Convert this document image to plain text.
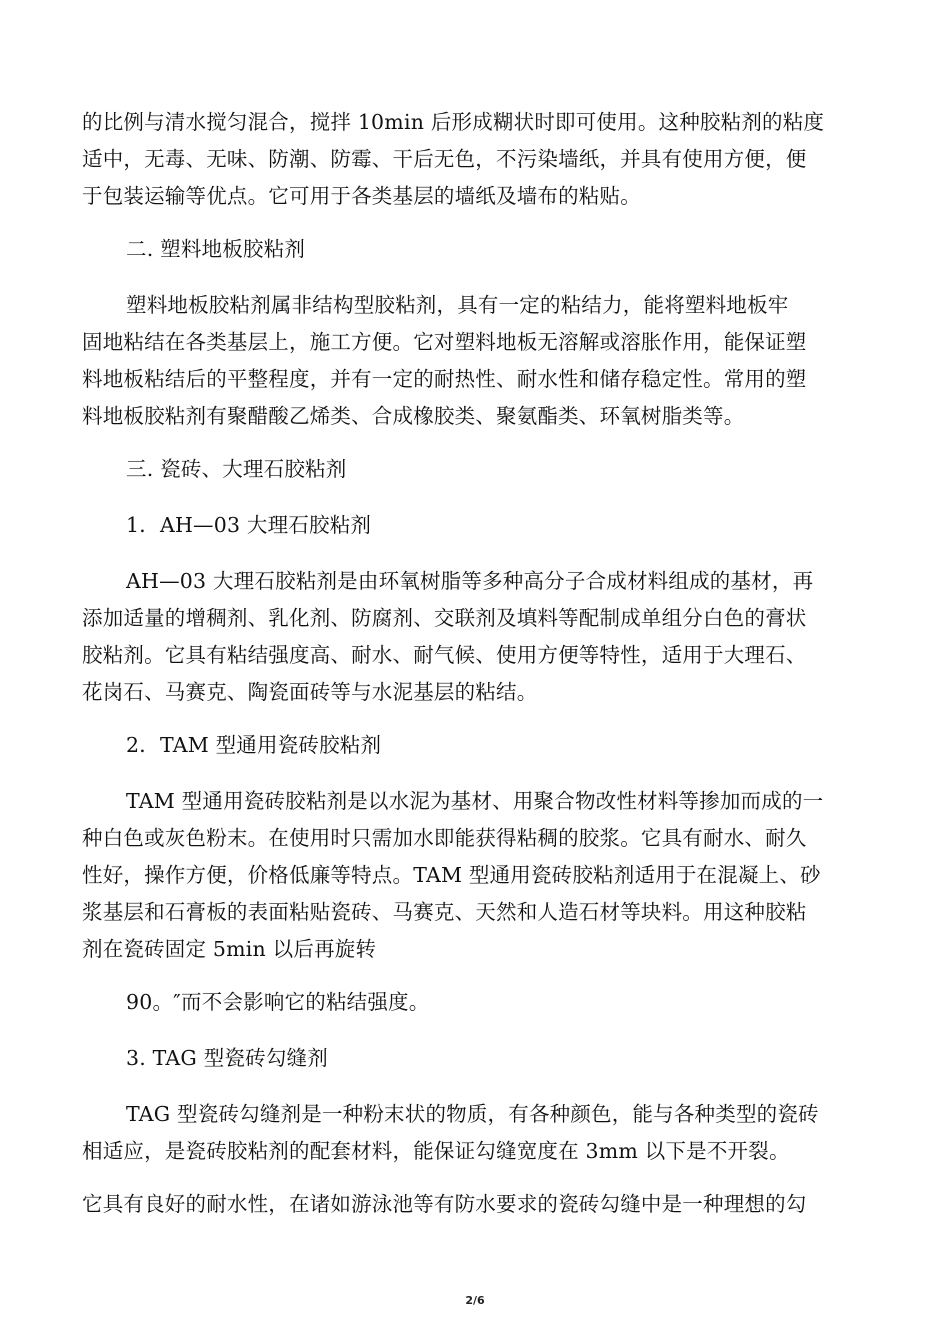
的比例与清水搅匀混合，搅拌 10min 后形成糊状时即可使用。这种胶粘剂的粘度
适中，无毒、无味、防潮、防霉、干后无色，不污染墙纸，并具有使用方便，便
于包装运输等优点。它可用于各类基层的墙纸及墙布的粘贴。
二. 塑料地板胶粘剂
塑料地板胶粘剂属非结构型胶粘剂，具有一定的粘结力，能将塑料地板牢
固地粘结在各类基层上，施工方便。它对塑料地板无溶解或溶胀作用，能保证塑
料地板粘结后的平整程度，并有一定的耐热性、耐水性和储存稳定性。常用的塑
料地板胶粘剂有聚醋酸乙烯类、合成橡胶类、聚氨酯类、环氧树脂类等。
三. 瓷砖、大理石胶粘剂
1．AH—03 大理石胶粘剂
AH—03 大理石胶粘剂是由环氧树脂等多种高分子合成材料组成的基材，再
添加适量的增稠剂、乳化剂、防腐剂、交联剂及填料等配制成单组分白色的膏状
胶粘剂。它具有粘结强度高、耐水、耐气候、使用方便等特性，适用于大理石、
花岗石、马赛克、陶瓷面砖等与水泥基层的粘结。
2．TAM 型通用瓷砖胶粘剂
TAM 型通用瓷砖胶粘剂是以水泥为基材、用聚合物改性材料等掺加而成的一
种白色或灰色粉末。在使用时只需加水即能获得粘稠的胶浆。它具有耐水、耐久
性好，操作方便，价格低廉等特点。TAM 型通用瓷砖胶粘剂适用于在混凝上、砂
浆基层和石膏板的表面粘贴瓷砖、马赛克、天然和人造石材等块料。用这种胶粘
剂在瓷砖固定 5min 以后再旋转
90。″而不会影响它的粘结强度。
3. TAG 型瓷砖勾缝剂
TAG 型瓷砖勾缝剂是一种粉末状的物质，有各种颜色，能与各种类型的瓷砖
相适应，是瓷砖胶粘剂的配套材料，能保证勾缝宽度在 3mm 以下是不开裂。
它具有良好的耐水性，在诸如游泳池等有防水要求的瓷砖勾缝中是一种理想的勾
2/6
